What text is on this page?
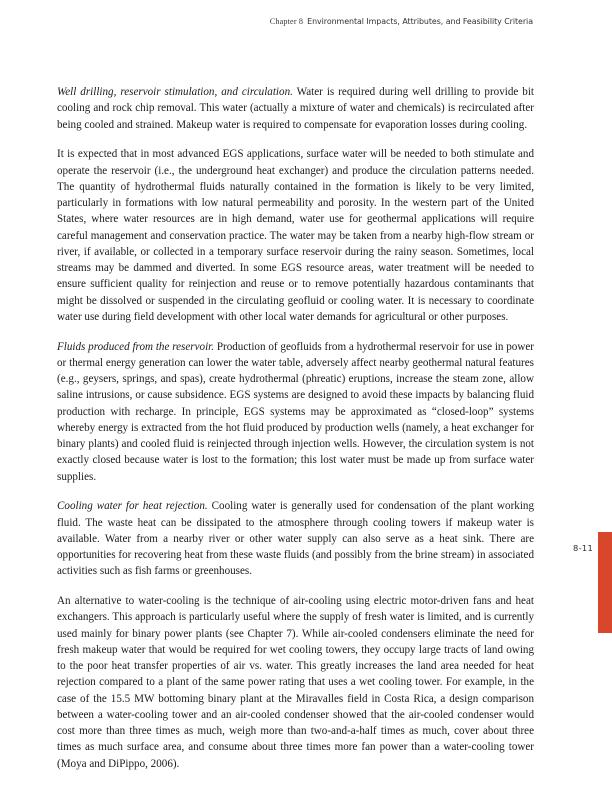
Chapter 8 Environmental Impacts, Attributes, and Feasibility Criteria

Well drilling, reservoir stimulation, and circulation. Water is required during well drilling to provide bit cooling and rock chip removal. This water (actually a mixture of water and chemicals) is recirculated after being cooled and strained. Makeup water is required to compensate for evaporation losses during cooling.

It is expected that in most advanced EGS applications, surface water will be needed to both stimulate and operate the reservoir (i.e., the underground heat exchanger) and produce the circulation patterns needed. The quantity of hydrothermal fluids naturally contained in the formation is likely to be very limited, particularly in formations with low natural permeability and porosity. In the western part of the United States, where water resources are in high demand, water use for geothermal applications will require careful management and conservation practice. The water may be taken from a nearby high-flow stream or river, if available, or collected in a temporary surface reservoir during the rainy season. Sometimes, local streams may be dammed and diverted. In some EGS resource areas, water treatment will be needed to ensure sufficient quality for reinjection and reuse or to remove potentially hazardous contaminants that might be dissolved or suspended in the circulating geofluid or cooling water. It is necessary to coordinate water use during field development with other local water demands for agricultural or other purposes.

Fluids produced from the reservoir. Production of geofluids from a hydrothermal reservoir for use in power or thermal energy generation can lower the water table, adversely affect nearby geothermal natural features (e.g., geysers, springs, and spas), create hydrothermal (phreatic) eruptions, increase the steam zone, allow saline intrusions, or cause subsidence. EGS systems are designed to avoid these impacts by balancing fluid production with recharge. In principle, EGS systems may be approximated as “closed-loop” systems whereby energy is extracted from the hot fluid produced by production wells (namely, a heat exchanger for binary plants) and cooled fluid is reinjected through injection wells. However, the circulation system is not exactly closed because water is lost to the formation; this lost water must be made up from surface water supplies.

Cooling water for heat rejection. Cooling water is generally used for condensation of the plant working fluid. The waste heat can be dissipated to the atmosphere through cooling towers if makeup water is available. Water from a nearby river or other water supply can also serve as a heat sink. There are opportunities for recovering heat from these waste fluids (and possibly from the brine stream) in associated activities such as fish farms or greenhouses.

An alternative to water-cooling is the technique of air-cooling using electric motor-driven fans and heat exchangers. This approach is particularly useful where the supply of fresh water is limited, and is currently used mainly for binary power plants (see Chapter 7). While air-cooled condensers eliminate the need for fresh makeup water that would be required for wet cooling towers, they occupy large tracts of land owing to the poor heat transfer properties of air vs. water. This greatly increases the land area needed for heat rejection compared to a plant of the same power rating that uses a wet cooling tower. For example, in the case of the 15.5 MW bottoming binary plant at the Miravalles field in Costa Rica, a design comparison between a water-cooling tower and an air-cooled condenser showed that the air-cooled condenser would cost more than three times as much, weigh more than two-and-a-half times as much, cover about three times as much surface area, and consume about three times more fan power than a water-cooling tower (Moya and DiPippo, 2006).

8-11
